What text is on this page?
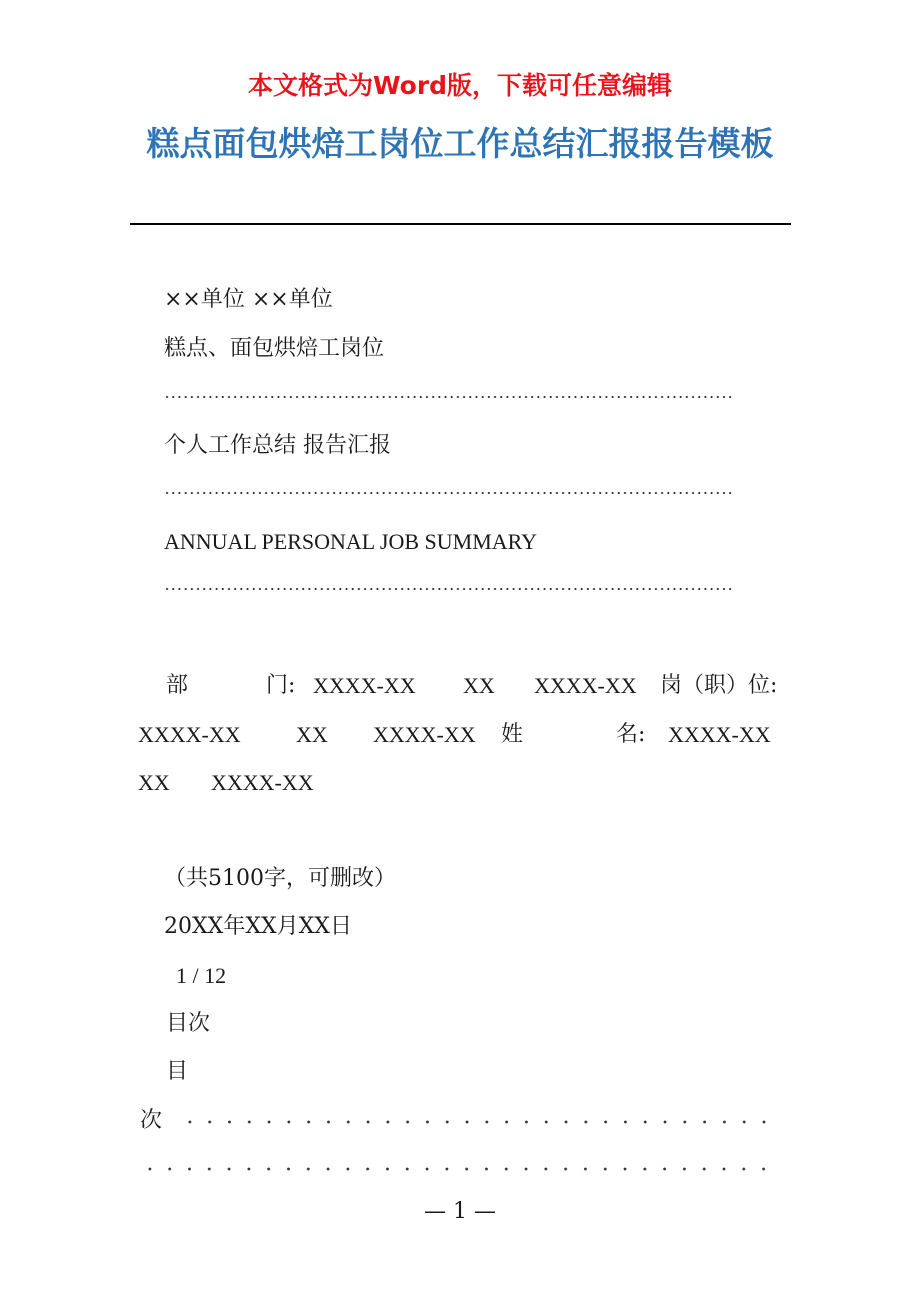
本文格式为Word版，下载可任意编辑
糕点面包烘焙工岗位工作总结汇报报告模板
××单位 ××单位
糕点、面包烘焙工岗位
个人工作总结 报告汇报
ANNUAL PERSONAL JOB SUMMARY
部	门: XXXX-XX XX XXXX-XX 岗（职）位:
XXXX-XX	XX XXXX-XX 姓	名: XXXX-XX
XX XXXX-XX
（共5100字，可删改）
20XX年XX月XX日
1 / 12
目次
目
次
— 1 —
